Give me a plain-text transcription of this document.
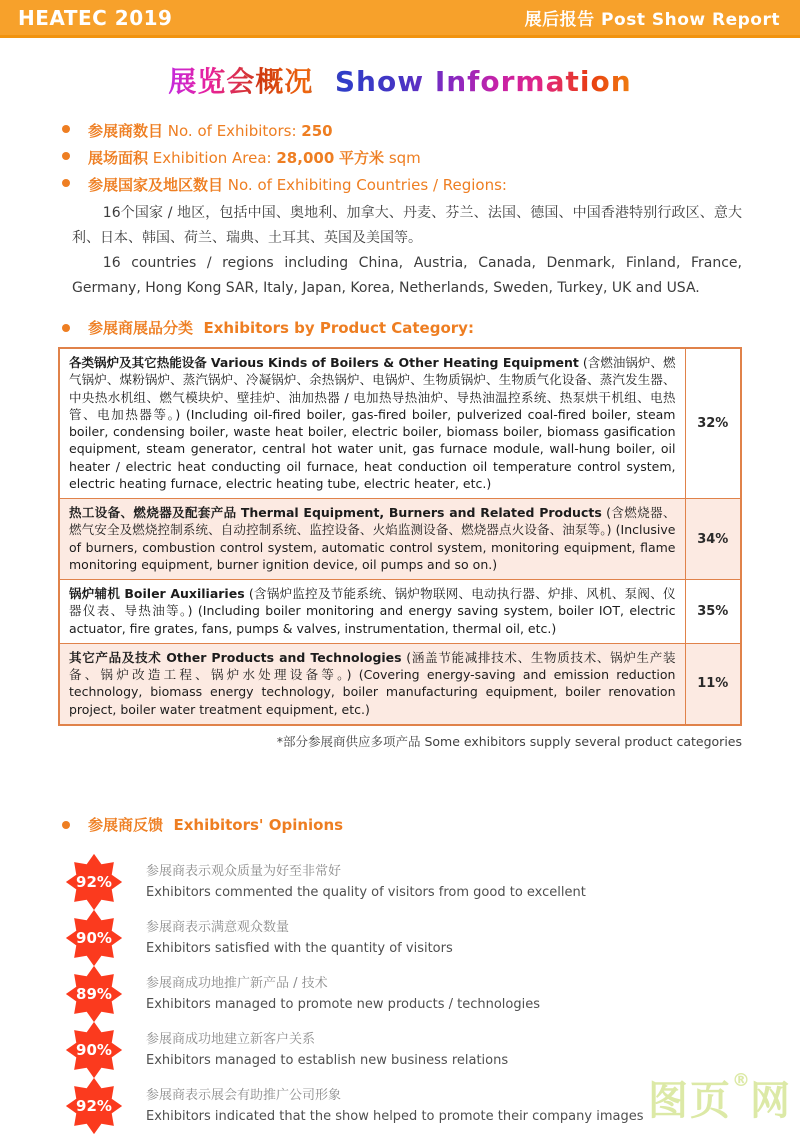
HEATEC 2019	展后报告 Post Show Report
展览会概况 Show Information
参展商数目 No. of Exhibitors: 250
展场面积 Exhibition Area: 28,000 平方米 sqm
参展国家及地区数目 No. of Exhibiting Countries / Regions:

16个国家 / 地区，包括中国、奥地利、加拿大、丹麦、芬兰、法国、德国、中国香港特别行政区、意大利、日本、韩国、荷兰、瑞典、土耳其、英国及美国等。

16 countries / regions including China, Austria, Canada, Denmark, Finland, France, Germany, Hong Kong SAR, Italy, Japan, Korea, Netherlands, Sweden, Turkey, UK and USA.

参展商展品分类 Exhibitors by Product Category:
各类锅炉及其它热能设备 Various Kinds of Boilers & Other Heating Equipment (含燃油锅炉、燃气锅炉、煤粉锅炉、蒸汽锅炉、冷凝锅炉、余热锅炉、电锅炉、生物质锅炉、生物质气化设备、蒸汽发生器、中央热水机组、燃气模块炉、壁挂炉、油加热器 / 电加热导热油炉、导热油温控系统、热泵烘干机组、电热管、电加热器等。) (Including oil-fired boiler, gas-fired boiler, pulverized coal-fired boiler, steam boiler, condensing boiler, waste heat boiler, electric boiler, biomass boiler, biomass gasification equipment, steam generator, central hot water unit, gas furnace module, wall-hung boiler, oil heater / electric heat conducting oil furnace, heat conduction oil temperature control system, electric heating furnace, electric heating tube, electric heater, etc.)	32%
热工设备、燃烧器及配套产品 Thermal Equipment, Burners and Related Products (含燃烧器、燃气安全及燃烧控制系统、自动控制系统、监控设备、火焰监测设备、燃烧器点火设备、油泵等。) (Inclusive of burners, combustion control system, automatic control system, monitoring equipment, flame monitoring equipment, burner ignition device, oil pumps and so on.)	34%
锅炉辅机 Boiler Auxiliaries (含锅炉监控及节能系统、锅炉物联网、电动执行器、炉排、风机、泵阀、仪器仪表、导热油等。) (Including boiler monitoring and energy saving system, boiler IOT, electric actuator, fire grates, fans, pumps & valves, instrumentation, thermal oil, etc.)	35%
其它产品及技术 Other Products and Technologies (涵盖节能减排技术、生物质技术、锅炉生产装备、锅炉改造工程、锅炉水处理设备等。) (Covering energy-saving and emission reduction technology, biomass energy technology, boiler manufacturing equipment, boiler renovation project, boiler water treatment equipment, etc.)	11%
*部分参展商供应多项产品 Some exhibitors supply several product categories
参展商反馈 Exhibitors' Opinions
92%
参展商表示观众质量为好至非常好
Exhibitors commented the quality of visitors from good to excellent
90%
参展商表示满意观众数量
Exhibitors satisfied with the quantity of visitors
89%
参展商成功地推广新产品 / 技术
Exhibitors managed to promote new products / technologies
90%
参展商成功地建立新客户关系
Exhibitors managed to establish new business relations
92%
参展商表示展会有助推广公司形象
Exhibitors indicated that the show helped to promote their company images 图页®网
